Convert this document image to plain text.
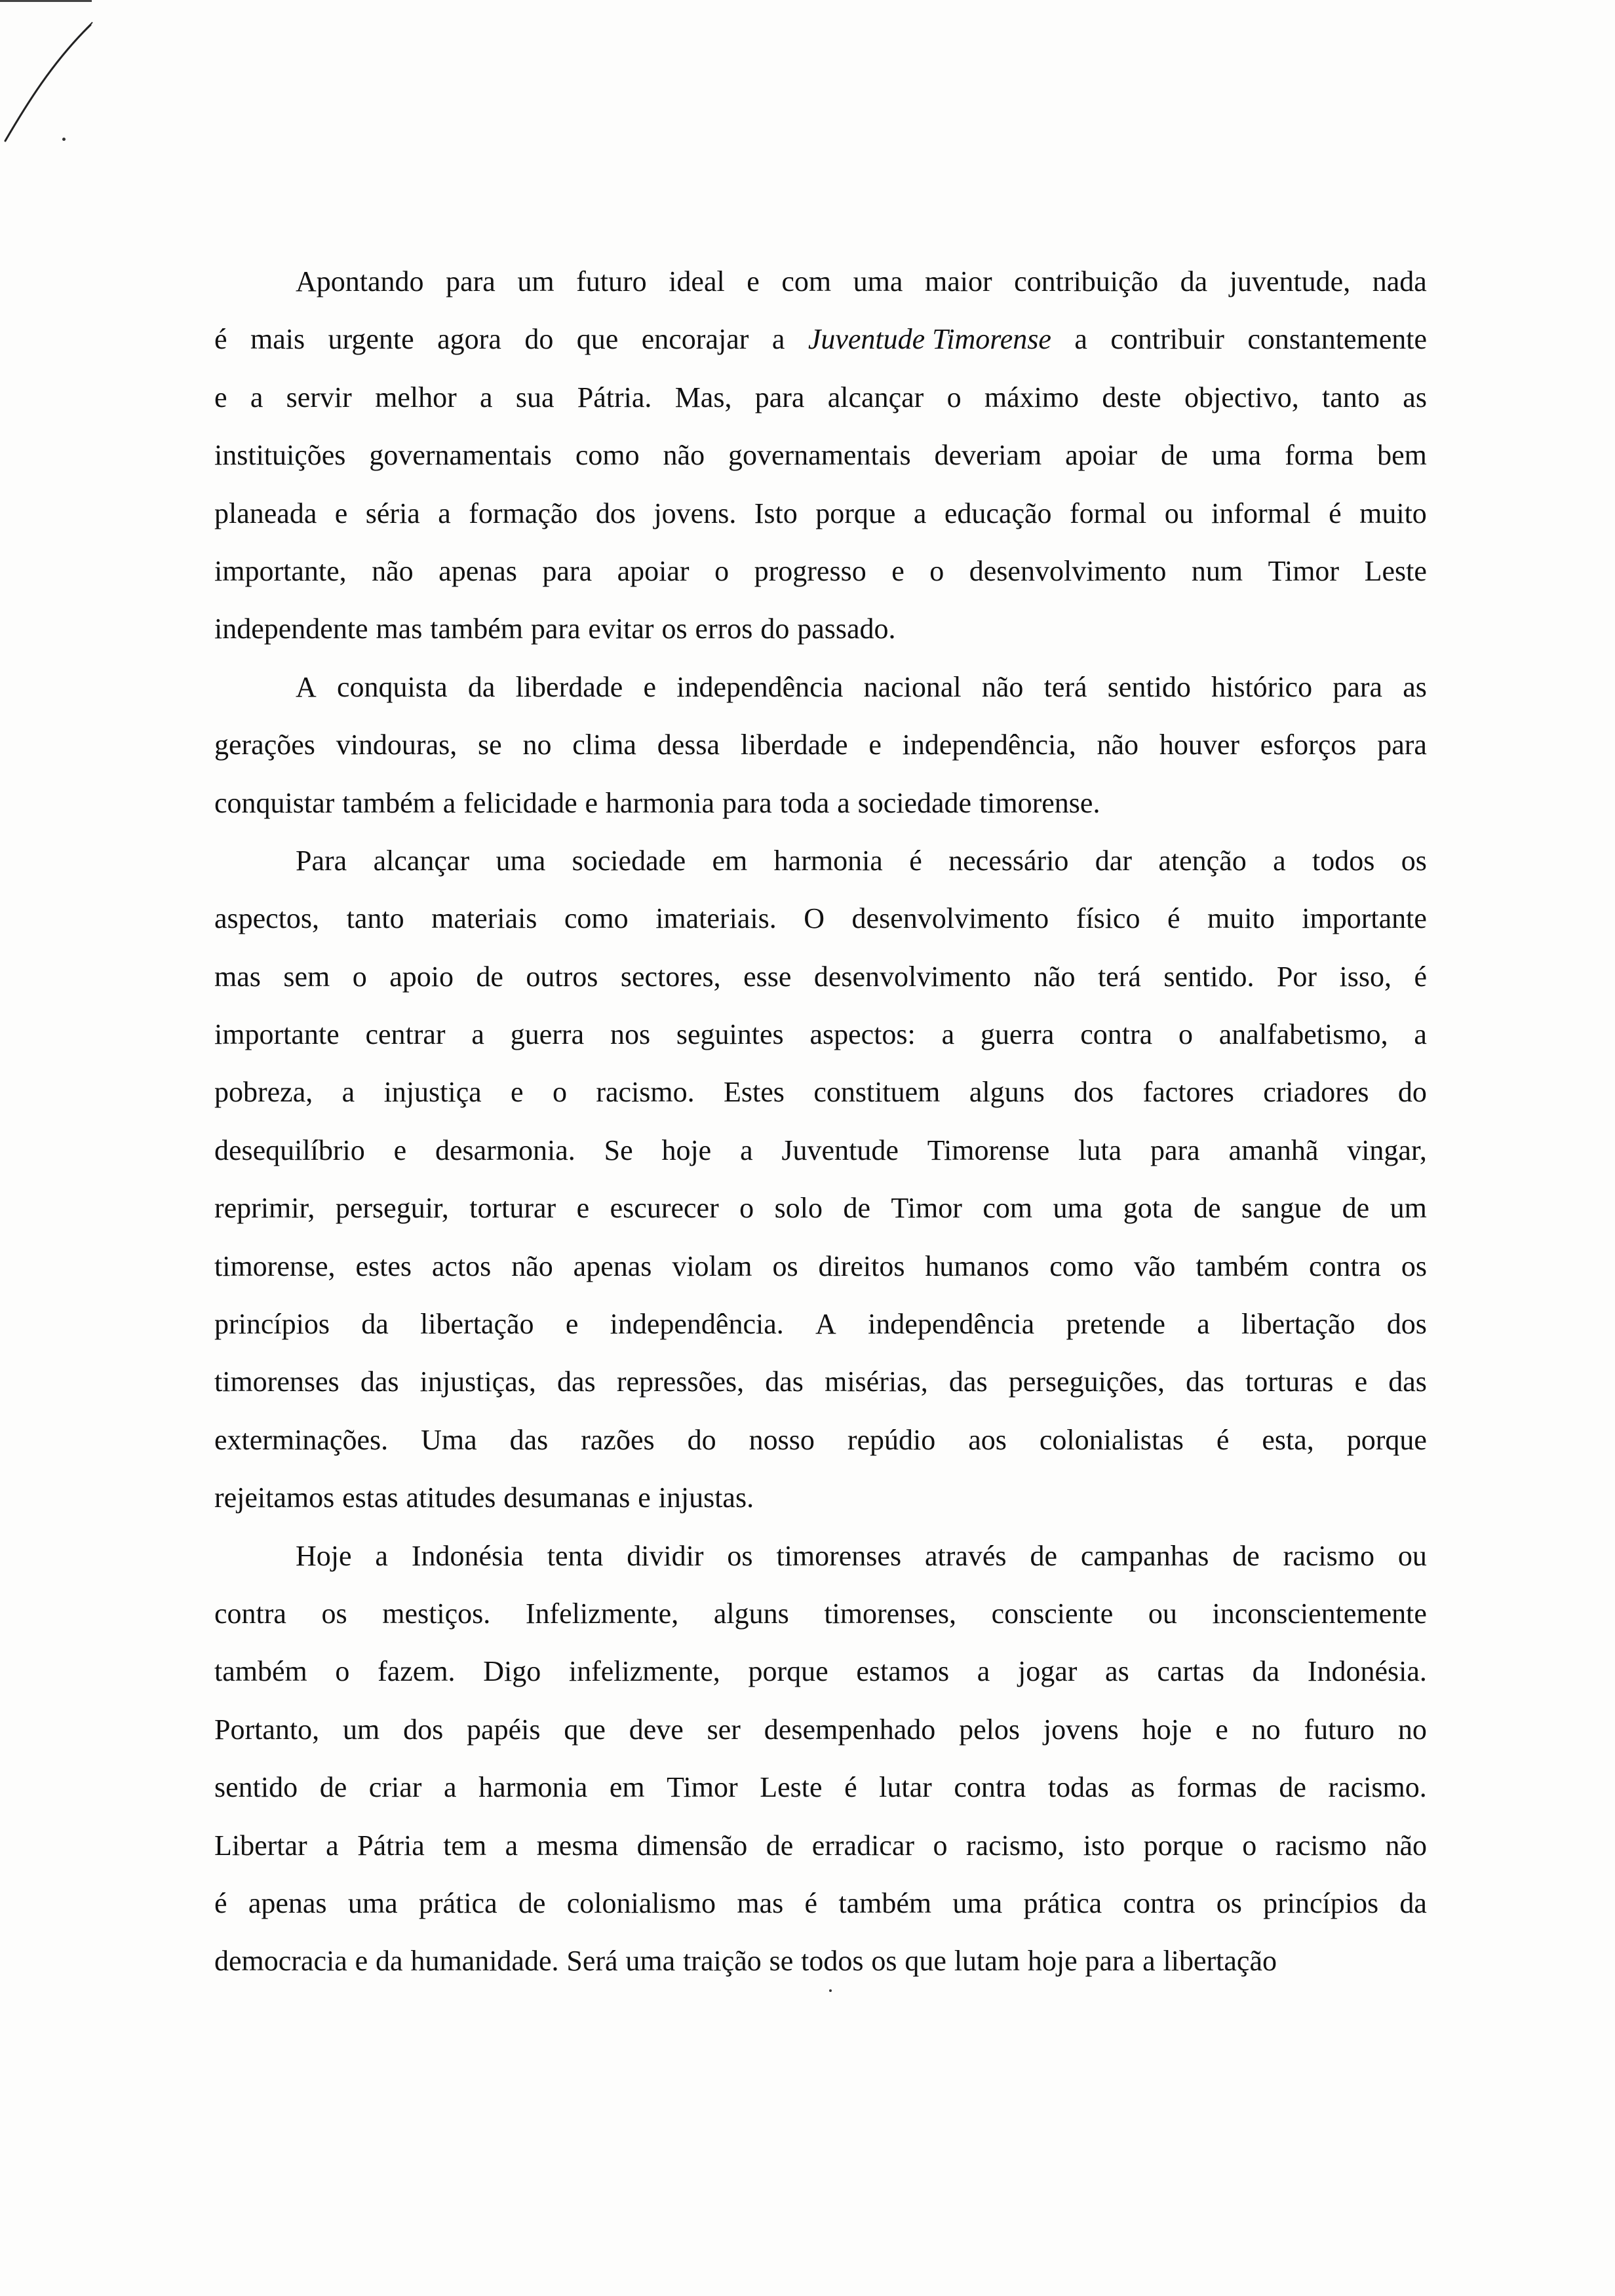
Apontando para um futuro ideal e com uma maior contribuição da juventude, nada
é mais urgente agora do que encorajar a Juventude Timorense a contribuir constantemente
e a servir melhor a sua Pátria. Mas, para alcançar o máximo deste objectivo, tanto as
instituições governamentais como não governamentais deveriam apoiar de uma forma bem
planeada e séria a formação dos jovens. Isto porque a educação formal ou informal é muito
importante, não apenas para apoiar o progresso e o desenvolvimento num Timor Leste
independente mas também para evitar os erros do passado.
A conquista da liberdade e independência nacional não terá sentido histórico para as
gerações vindouras, se no clima dessa liberdade e independência, não houver esforços para
conquistar também a felicidade e harmonia para toda a sociedade timorense.
Para alcançar uma sociedade em harmonia é necessário dar atenção a todos os
aspectos, tanto materiais como imateriais. O desenvolvimento físico é muito importante
mas sem o apoio de outros sectores, esse desenvolvimento não terá sentido. Por isso, é
importante centrar a guerra nos seguintes aspectos: a guerra contra o analfabetismo, a
pobreza, a injustiça e o racismo. Estes constituem alguns dos factores criadores do
desequilíbrio e desarmonia. Se hoje a Juventude Timorense luta para amanhã vingar,
reprimir, perseguir, torturar e escurecer o solo de Timor com uma gota de sangue de um
timorense, estes actos não apenas violam os direitos humanos como vão também contra os
princípios da libertação e independência. A independência pretende a libertação dos
timorenses das injustiças, das repressões, das misérias, das perseguições, das torturas e das
exterminações. Uma das razões do nosso repúdio aos colonialistas é esta, porque
rejeitamos estas atitudes desumanas e injustas.
Hoje a Indonésia tenta dividir os timorenses através de campanhas de racismo ou
contra os mestiços. Infelizmente, alguns timorenses, consciente ou inconscientemente
também o fazem. Digo infelizmente, porque estamos a jogar as cartas da Indonésia.
Portanto, um dos papéis que deve ser desempenhado pelos jovens hoje e no futuro no
sentido de criar a harmonia em Timor Leste é lutar contra todas as formas de racismo.
Libertar a Pátria tem a mesma dimensão de erradicar o racismo, isto porque o racismo não
é apenas uma prática de colonialismo mas é também uma prática contra os princípios da
democracia e da humanidade. Será uma traição se todos os que lutam hoje para a libertação
